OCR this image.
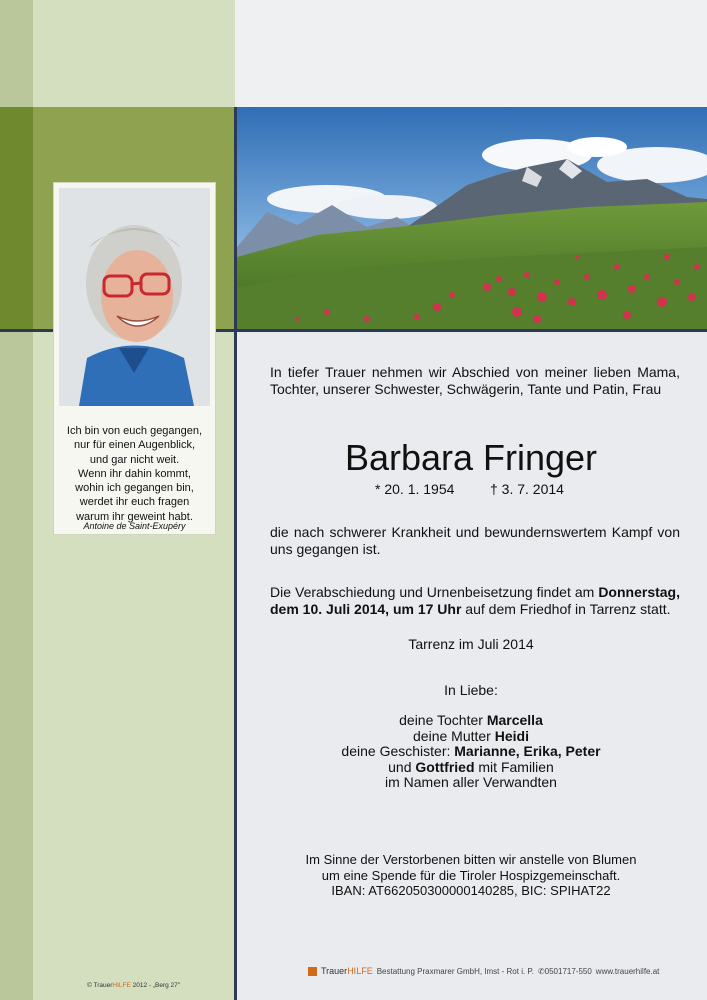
Ich bin von euch gegangen,
nur für einen Augenblick,
und gar nicht weit.
Wenn ihr dahin kommt,
wohin ich gegangen bin,
werdet ihr euch fragen
warum ihr geweint habt.
Antoine de Saint-Exupéry
In tiefer Trauer nehmen wir Abschied von meiner lieben Mama, Tochter, unserer Schwester, Schwägerin, Tante und Patin, Frau
Barbara Fringer
* 20. 1. 1954	† 3. 7. 2014
die nach schwerer Krankheit und bewundernswertem Kampf von uns gegangen ist.
Die Verabschiedung und Urnenbeisetzung findet am Donnerstag, dem 10. Juli 2014, um 17 Uhr auf dem Friedhof in Tarrenz statt.
Tarrenz im Juli 2014
In Liebe:
deine Tochter Marcella
deine Mutter Heidi
deine Geschister: Marianne, Erika, Peter
und Gottfried mit Familien
im Namen aller Verwandten
Im Sinne der Verstorbenen bitten wir anstelle von Blumen
um eine Spende für die Tiroler Hospizgemeinschaft.
IBAN: AT662050300000140285, BIC: SPIHAT22
TrauerHILFE Bestattung Praxmarer GmbH, Imst - Rot i. P. ✆0501717-550 www.trauerhilfe.at
© TrauerHILFE 2012 - „Berg 27"
